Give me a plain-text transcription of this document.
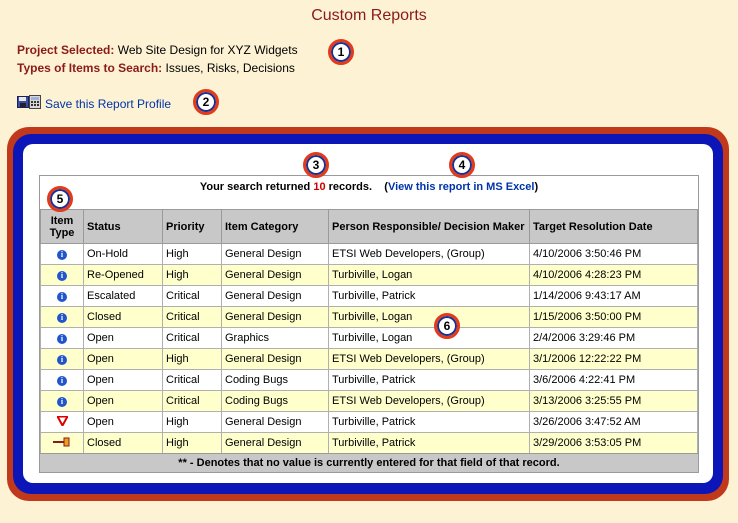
Custom Reports
Project Selected: Web Site Design for XYZ Widgets	1
Types of Items to Search: Issues, Risks, Decisions
Save this Report Profile	2
Your search returned 10 records.    (View this report in MS Excel)
Item Type	Status	Priority	Item Category	Person Responsible/ Decision Maker	Target Resolution Date
i	On-Hold	High	General Design	ETSI Web Developers, (Group)	4/10/2006 3:50:46 PM
i	Re-Opened	High	General Design	Turbiville, Logan	4/10/2006 4:28:23 PM
i	Escalated	Critical	General Design	Turbiville, Patrick	1/14/2006 9:43:17 AM
i	Closed	Critical	General Design	Turbiville, Logan	1/15/2006 3:50:00 PM
i	Open	Critical	Graphics	Turbiville, Logan	2/4/2006 3:29:46 PM
i	Open	High	General Design	ETSI Web Developers, (Group)	3/1/2006 12:22:22 PM
i	Open	Critical	Coding Bugs	Turbiville, Patrick	3/6/2006 4:22:41 PM
i	Open	Critical	Coding Bugs	ETSI Web Developers, (Group)	3/13/2006 3:25:55 PM
	Open	High	General Design	Turbiville, Patrick	3/26/2006 3:47:52 AM
	Closed	High	General Design	Turbiville, Patrick	3/29/2006 3:53:05 PM
** - Denotes that no value is currently entered for that field of that record.
3	4
5
6
